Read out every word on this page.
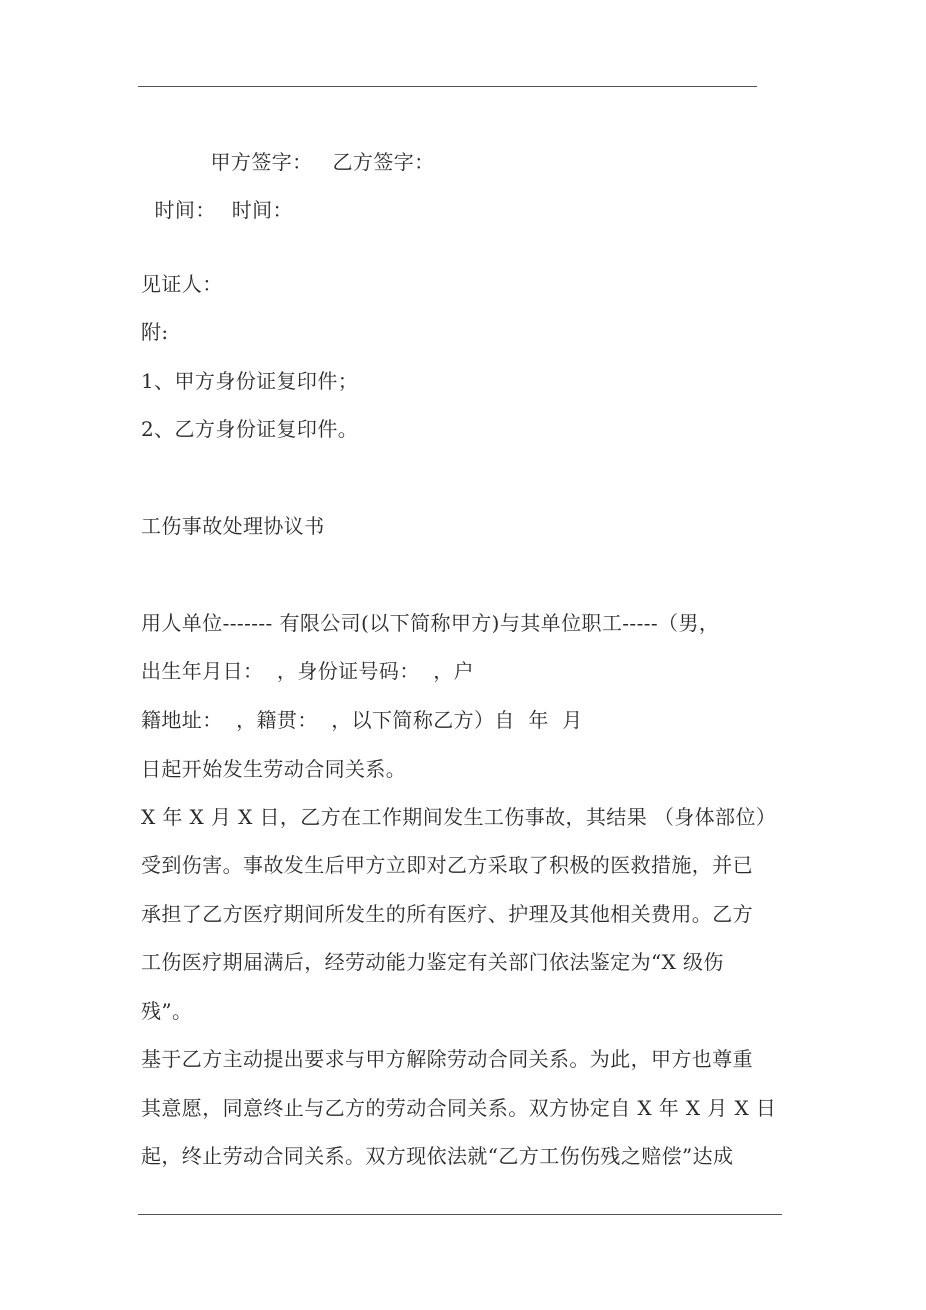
甲方签字： 乙方签字：

时间： 时间：

见证人：
附:
1、甲方身份证复印件；
2、乙方身份证复印件。
工伤事故处理协议书
用人单位------- 有限公司(以下简称甲方)与其单位职工-----（男，
出生年月日：  ，身份证号码：  ，户
籍地址：  ，籍贯：  ，以下简称乙方）自  年  月
日起开始发生劳动合同关系。
X 年 X 月 X 日，乙方在工作期间发生工伤事故，其结果 （身体部位）
受到伤害。事故发生后甲方立即对乙方采取了积极的医救措施，并已
承担了乙方医疗期间所发生的所有医疗、护理及其他相关费用。乙方
工伤医疗期届满后，经劳动能力鉴定有关部门依法鉴定为“X 级伤
残”。
基于乙方主动提出要求与甲方解除劳动合同关系。为此，甲方也尊重
其意愿，同意终止与乙方的劳动合同关系。双方协定自 X 年 X 月 X 日
起，终止劳动合同关系。双方现依法就“乙方工伤伤残之赔偿”达成
